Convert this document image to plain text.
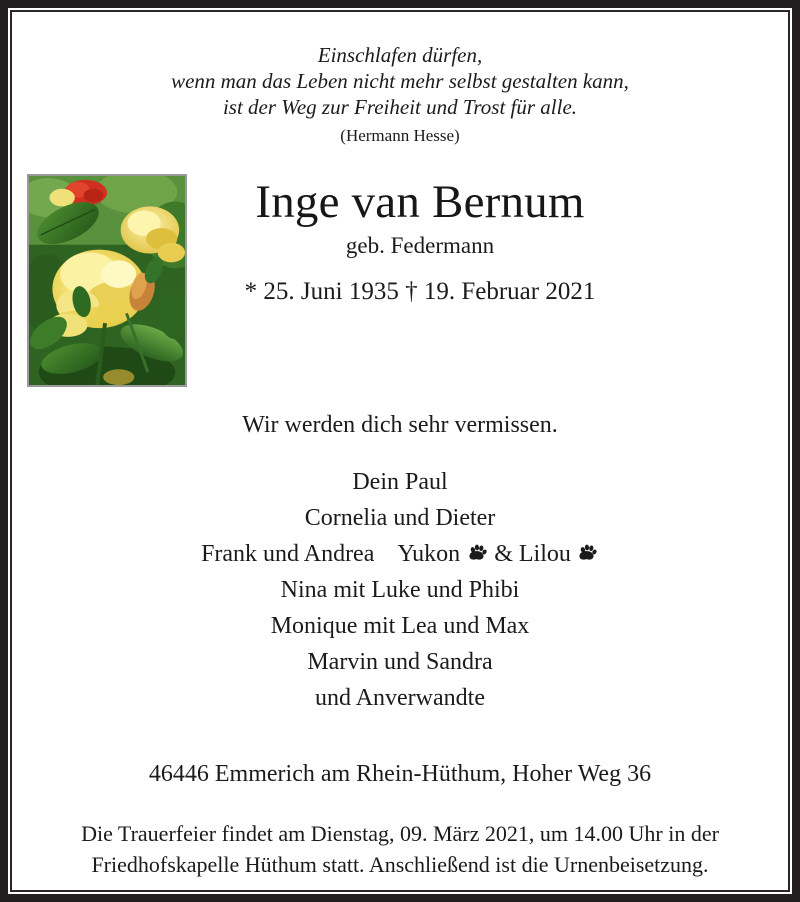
Einschlafen dürfen,
wenn man das Leben nicht mehr selbst gestalten kann,
ist der Weg zur Freiheit und Trost für alle.
(Hermann Hesse)
Inge van Bernum
geb. Federmann
* 25. Juni 1935 † 19. Februar 2021
Wir werden dich sehr vermissen.
Dein Paul
Cornelia und Dieter
Frank und Andrea    Yukon
& Lilou
Nina mit Luke und Phibi
Monique mit Lea und Max
Marvin und Sandra
und Anverwandte
46446 Emmerich am Rhein-Hüthum, Hoher Weg 36
Die Trauerfeier findet am Dienstag, 09. März 2021, um 14.00 Uhr in der
Friedhofskapelle Hüthum statt. Anschließend ist die Urnenbeisetzung.
